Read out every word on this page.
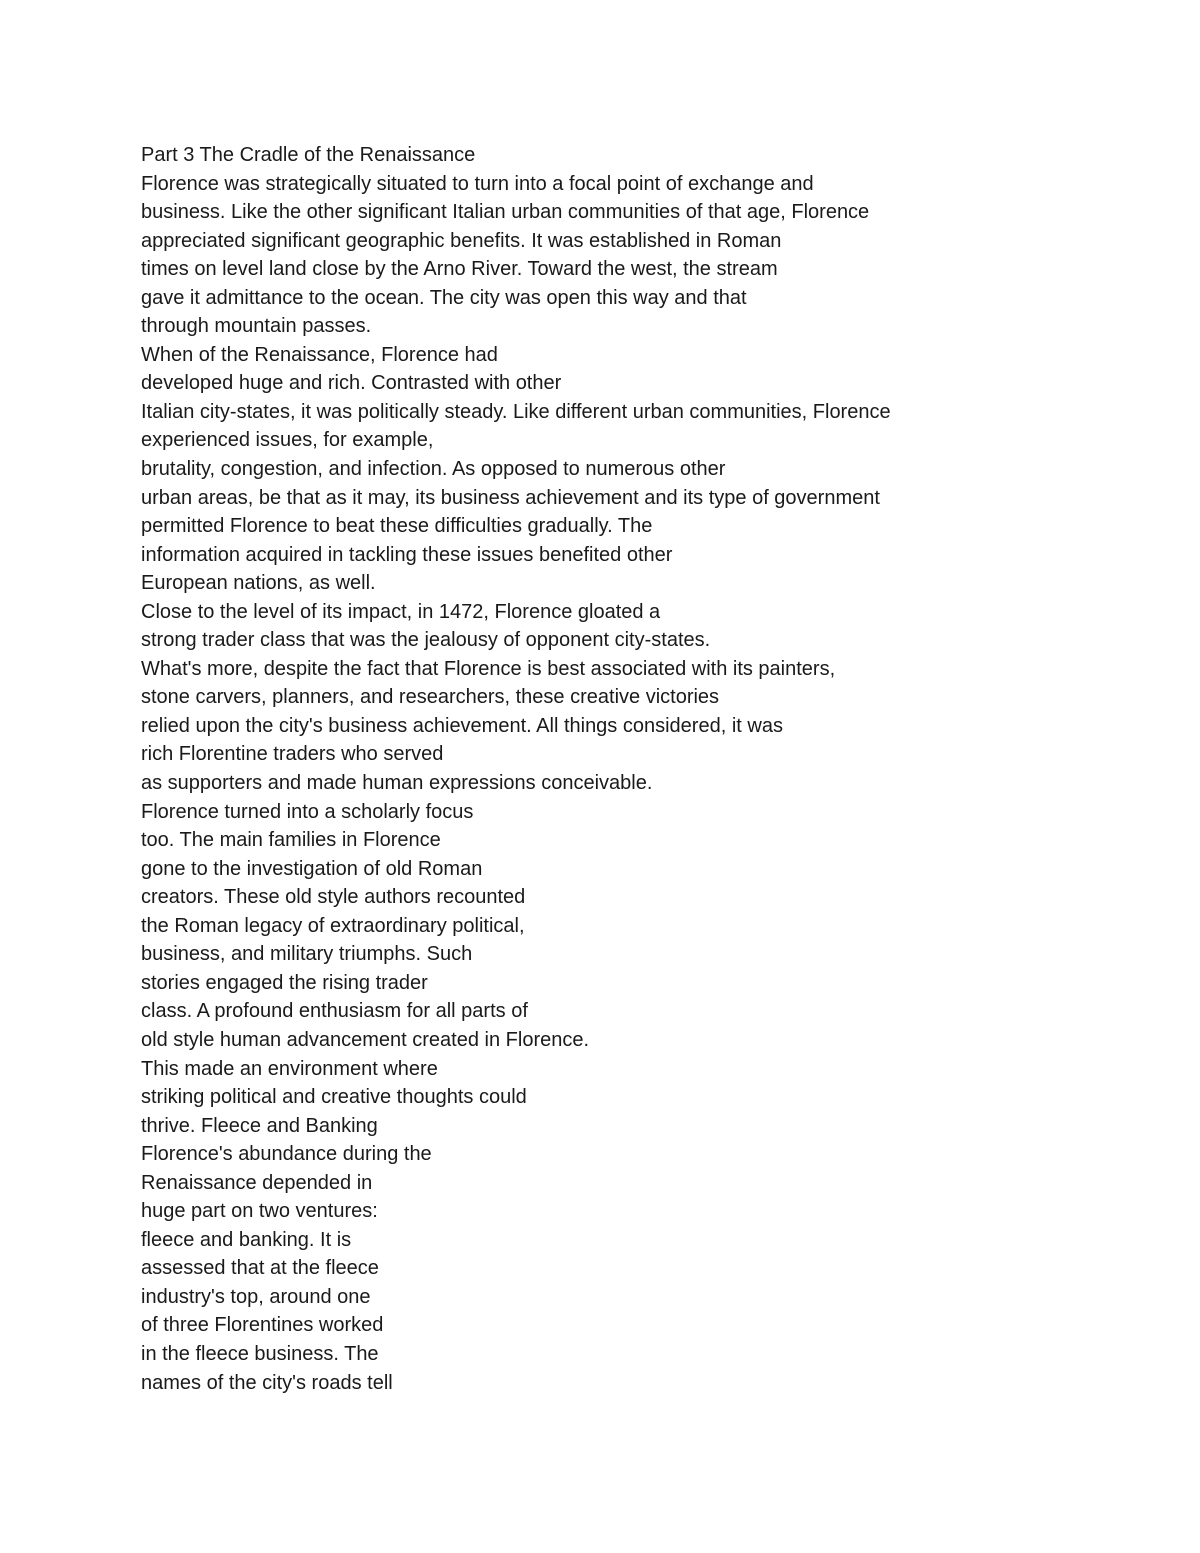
Part 3 The Cradle of the Renaissance
Florence was strategically situated to turn into a focal point of exchange and
business. Like the other significant Italian urban communities of that age, Florence
appreciated significant geographic benefits. It was established in Roman
times on level land close by the Arno River. Toward the west, the stream
gave it admittance to the ocean. The city was open this way and that
through mountain passes.
When of the Renaissance, Florence had
developed huge and rich. Contrasted with other
Italian city-states, it was politically steady. Like different urban communities, Florence
experienced issues, for example,
brutality, congestion, and infection. As opposed to numerous other
urban areas, be that as it may, its business achievement and its type of government
permitted Florence to beat these difficulties gradually. The
information acquired in tackling these issues benefited other
European nations, as well.
Close to the level of its impact, in 1472, Florence gloated a
strong trader class that was the jealousy of opponent city-states.
What's more, despite the fact that Florence is best associated with its painters,
stone carvers, planners, and researchers, these creative victories
relied upon the city's business achievement. All things considered, it was
rich Florentine traders who served
as supporters and made human expressions conceivable.
Florence turned into a scholarly focus
too. The main families in Florence
gone to the investigation of old Roman
creators. These old style authors recounted
the Roman legacy of extraordinary political,
business, and military triumphs. Such
stories engaged the rising trader
class. A profound enthusiasm for all parts of
old style human advancement created in Florence.
This made an environment where
striking political and creative thoughts could
thrive. Fleece and Banking
Florence's abundance during the
Renaissance depended in
huge part on two ventures:
fleece and banking. It is
assessed that at the fleece
industry's top, around one
of three Florentines worked
in the fleece business. The
names of the city's roads tell
